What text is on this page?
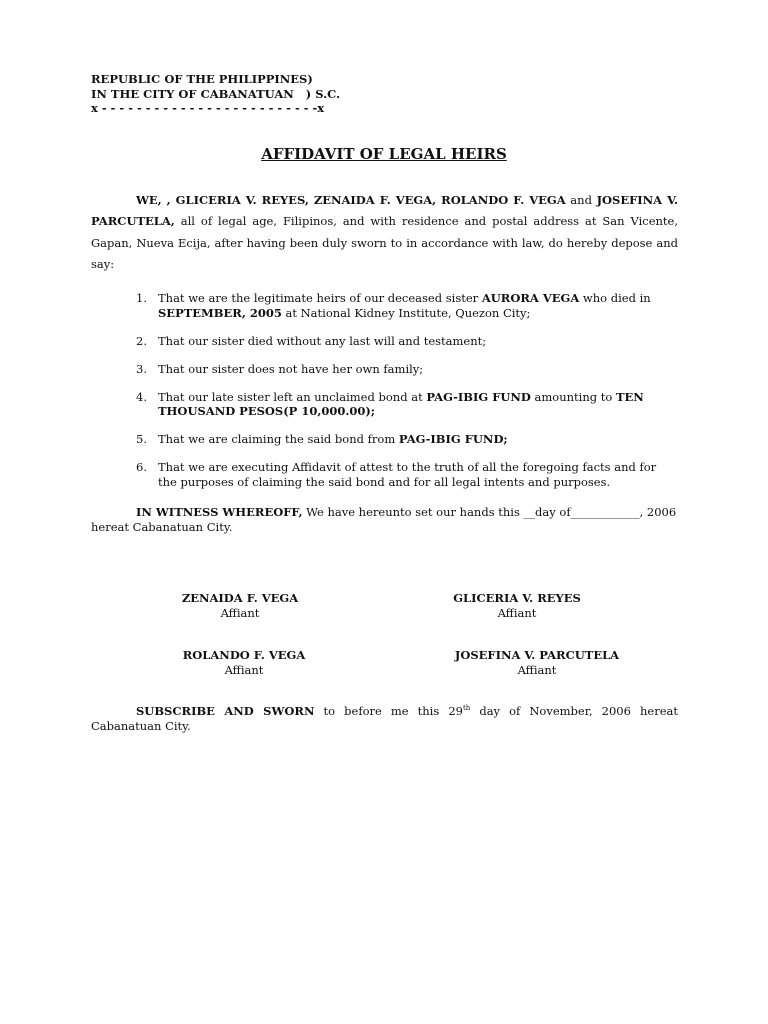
REPUBLIC OF THE PHILIPPINES)
IN THE CITY OF CABANATUAN   ) S.C.
x - - - - - - - - - - - - - - - - - - - - - - - - -x
AFFIDAVIT OF LEGAL HEIRS

WE, , GLICERIA V. REYES, ZENAIDA F. VEGA, ROLANDO F. VEGA and JOSEFINA V. PARCUTELA, all of legal age, Filipinos, and with residence and postal address at San Vicente, Gapan, Nueva Ecija, after having been duly sworn to in accordance with law, do hereby depose and say:

1. That we are the legitimate heirs of our deceased sister AURORA VEGA who died in SEPTEMBER, 2005 at National Kidney Institute, Quezon City;
2. That our sister died without any last will and testament;
3. That our sister does not have her own family;
4. That our late sister left an unclaimed bond at PAG-IBIG FUND amounting to TEN THOUSAND PESOS(P 10,000.00);
5. That we are claiming the said bond from PAG-IBIG FUND;
6. That we are executing Affidavit of attest to the truth of all the foregoing facts and for the purposes of claiming the said bond and for all legal intents and purposes.

IN WITNESS WHEREOFF, We have hereunto set our hands this __day of____________, 2006 hereat Cabanatuan City.

ZENAIDA F. VEGA
Affiant
GLICERIA V. REYES
Affiant
ROLANDO F. VEGA
Affiant
JOSEFINA V. PARCUTELA
Affiant

SUBSCRIBE AND SWORN to before me this 29th day of November, 2006 hereat Cabanatuan City.
